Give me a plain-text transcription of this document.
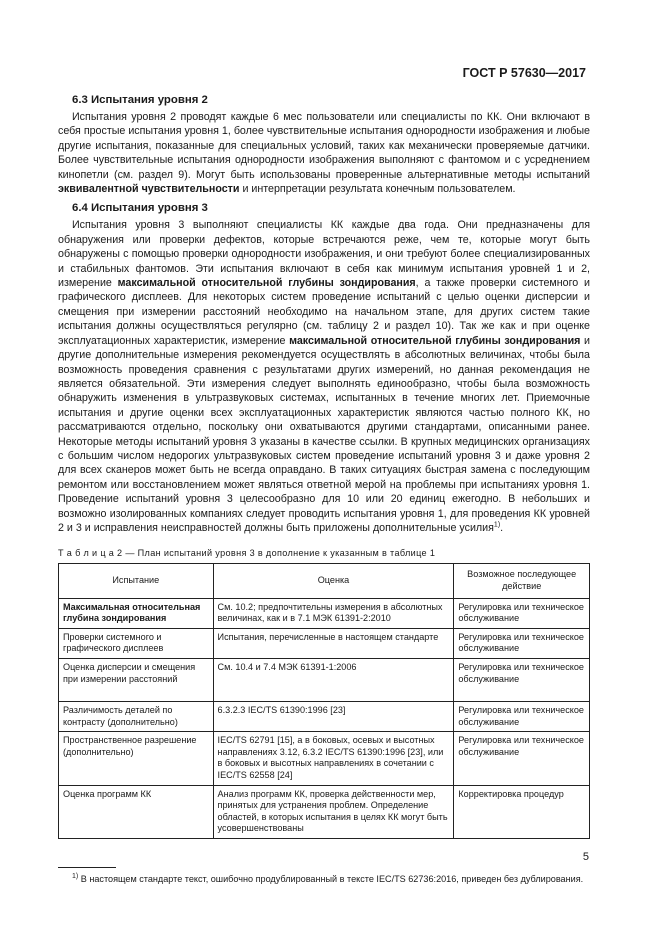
ГОСТ Р 57630—2017
6.3 Испытания уровня 2

Испытания уровня 2 проводят каждые 6 мес пользователи или специалисты по КК. Они включают в себя простые испытания уровня 1, более чувствительные испытания однородности изображения и любые другие испытания, показанные для специальных условий, таких как механически проверяемые датчики. Более чувствительные испытания однородности изображения выполняют с фантомом и с усреднением кинопетли (см. раздел 9). Могут быть использованы проверенные альтернативные методы испытаний эквивалентной чувствительности и интерпретации результата конечным пользователем.

6.4 Испытания уровня 3

Испытания уровня 3 выполняют специалисты КК каждые два года. Они предназначены для обнаружения или проверки дефектов, которые встречаются реже, чем те, которые могут быть обнаружены с помощью проверки однородности изображения, и они требуют более специализированных и стабильных фантомов. Эти испытания включают в себя как минимум испытания уровней 1 и 2, измерение максимальной относительной глубины зондирования, а также проверки системного и графического дисплеев. Для некоторых систем проведение испытаний с целью оценки дисперсии и смещения при измерении расстояний необходимо на начальном этапе, для других систем такие испытания должны осуществляться регулярно (см. таблицу 2 и раздел 10). Так же как и при оценке эксплуатационных характеристик, измерение максимальной относительной глубины зондирования и другие дополнительные измерения рекомендуется осуществлять в абсолютных величинах, чтобы была возможность проведения сравнения с результатами других измерений, но данная рекомендация не является обязательной. Эти измерения следует выполнять единообразно, чтобы была возможность обнаружить изменения в ультразвуковых системах, испытанных в течение многих лет. Приемочные испытания и другие оценки всех эксплуатационных характеристик являются частью полного КК, но рассматриваются отдельно, поскольку они охватываются другими стандартами, описанными ранее. Некоторые методы испытаний уровня 3 указаны в качестве ссылки. В крупных медицинских организациях с большим числом недорогих ультразвуковых систем проведение испытаний уровня 3 и даже уровня 2 для всех сканеров может быть не всегда оправдано. В таких ситуациях быстрая замена с последующим ремонтом или восстановлением может являться ответной мерой на проблемы при испытаниях уровня 1. Проведение испытаний уровня 3 целесообразно для 10 или 20 единиц ежегодно. В небольших и возможно изолированных компаниях следует проводить испытания уровня 1, для проведения КК уровней 2 и 3 и исправления неисправностей должны быть приложены дополнительные усилия$^{1)}$.

Т а б л и ц а 2 — План испытаний уровня 3 в дополнение к указанным в таблице 1
Испытание	Оценка	Возможное последующее действие
Максимальная относительная глубина зондирования	См. 10.2; предпочтительны измерения в абсолютных величинах, как и в 7.1 МЭК 61391-2:2010	Регулировка или техническое обслуживание
Проверки системного и графического дисплеев	Испытания, перечисленные в настоящем стандарте	Регулировка или техническое обслуживание
Оценка дисперсии и смещения при измерении расстояний	См. 10.4 и 7.4 МЭК 61391-1:2006	Регулировка или техническое обслуживание
Различимость деталей по контрасту (дополнительно)	6.3.2.3 IEC/TS 61390:1996 [23]	Регулировка или техническое обслуживание
Пространственное разрешение (дополнительно)	IEC/TS 62791 [15], а в боковых, осевых и высотных направлениях 3.12, 6.3.2 IEC/TS 61390:1996 [23], или в боковых и высотных направлениях в сочетании с IEC/TS 62558 [24]	Регулировка или техническое обслуживание
Оценка программ КК	Анализ программ КК, проверка действенности мер, принятых для устранения проблем. Определение областей, в которых испытания в целях КК могут быть усовершенствованы	Корректировка процедур
$^{1)}$ В настоящем стандарте текст, ошибочно продублированный в тексте IEC/TS 62736:2016, приведен без дублирования.
5
